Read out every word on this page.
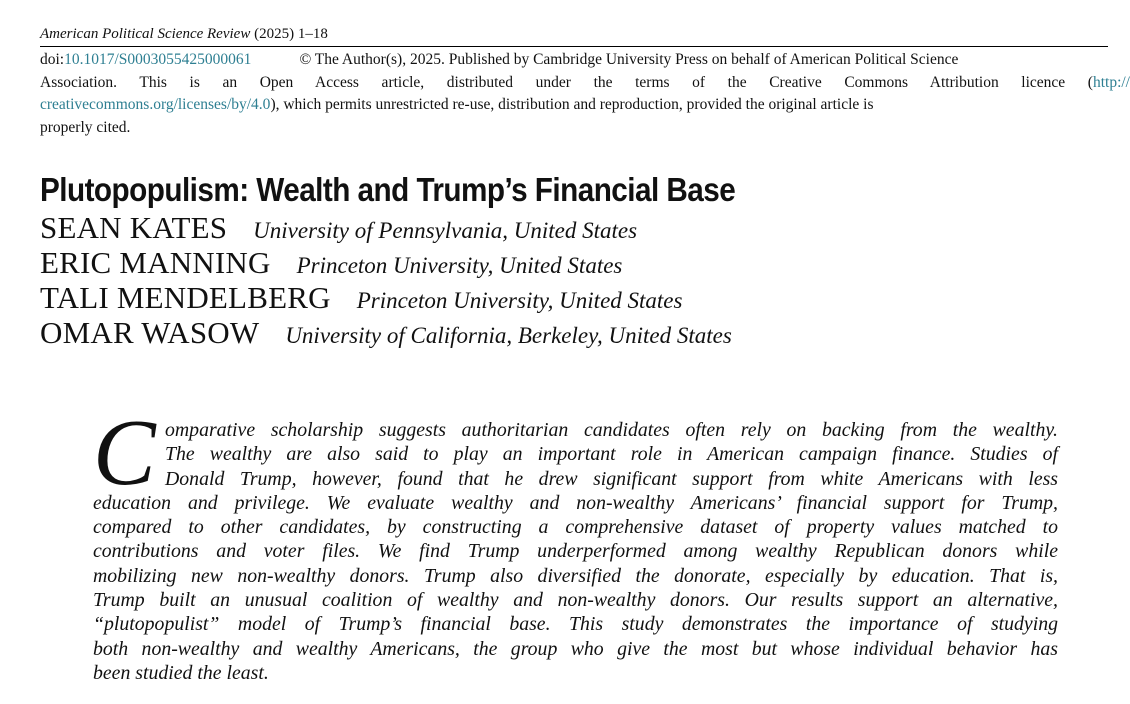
American Political Science Review (2025) 1–18
doi:10.1017/S0003055425000061	© The Author(s), 2025. Published by Cambridge University Press on behalf of American Political Science
Association. This is an Open Access article, distributed under the terms of the Creative Commons Attribution licence (http://
creativecommons.org/licenses/by/4.0), which permits unrestricted re-use, distribution and reproduction, provided the original article is
properly cited.
Plutopopulism: Wealth and Trump’s Financial Base
SEAN KATES University of Pennsylvania, United States
ERIC MANNING Princeton University, United States
TALI MENDELBERG Princeton University, United States
OMAR WASOW University of California, Berkeley, United States
C omparative scholarship suggests authoritarian candidates often rely on backing from the wealthy.
The wealthy are also said to play an important role in American campaign finance. Studies of
Donald Trump, however, found that he drew significant support from white Americans with less
education and privilege. We evaluate wealthy and non-wealthy Americans’ financial support for Trump,
compared to other candidates, by constructing a comprehensive dataset of property values matched to
contributions and voter files. We find Trump underperformed among wealthy Republican donors while
mobilizing new non-wealthy donors. Trump also diversified the donorate, especially by education. That is,
Trump built an unusual coalition of wealthy and non-wealthy donors. Our results support an alternative,
“plutopopulist” model of Trump’s financial base. This study demonstrates the importance of studying
both non-wealthy and wealthy Americans, the group who give the most but whose individual behavior has
been studied the least.
